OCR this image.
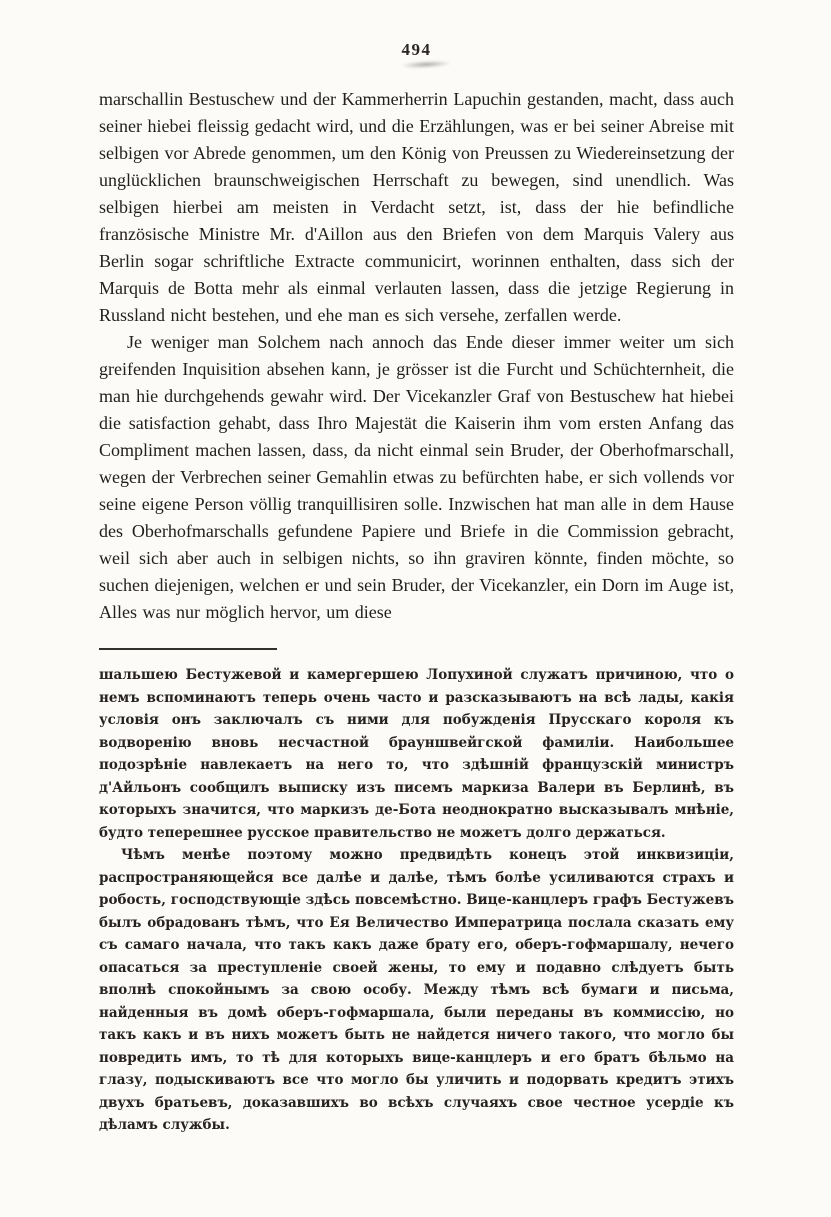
494

marschallin Bestuschew und der Kammerherrin Lapuchin gestanden, macht, dass auch seiner hiebei fleissig gedacht wird, und die Erzählungen, was er bei seiner Abreise mit selbigen vor Abrede genommen, um den König von Preussen zu Wiedereinsetzung der unglücklichen braunschweigischen Herrschaft zu bewegen, sind unendlich. Was selbigen hierbei am meisten in Verdacht setzt, ist, dass der hie befindliche französische Ministre Mr. d'Aillon aus den Briefen von dem Marquis Valery aus Berlin sogar schriftliche Extracte communicirt, worinnen enthalten, dass sich der Marquis de Botta mehr als einmal verlauten lassen, dass die jetzige Regierung in Russland nicht bestehen, und ehe man es sich versehe, zerfallen werde.

Je weniger man Solchem nach annoch das Ende dieser immer weiter um sich greifenden Inquisition absehen kann, je grösser ist die Furcht und Schüchternheit, die man hie durchgehends gewahr wird. Der Vicekanzler Graf von Bestuschew hat hiebei die satisfaction gehabt, dass Ihro Majestät die Kaiserin ihm vom ersten Anfang das Compliment machen lassen, dass, da nicht einmal sein Bruder, der Oberhofmarschall, wegen der Verbrechen seiner Gemahlin etwas zu befürchten habe, er sich vollends vor seine eigene Person völlig tranquillisiren solle. Inzwischen hat man alle in dem Hause des Oberhofmarschalls gefundene Papiere und Briefe in die Commission gebracht, weil sich aber auch in selbigen nichts, so ihn graviren könnte, finden möchte, so suchen diejenigen, welchen er und sein Bruder, der Vicekanzler, ein Dorn im Auge ist, Alles was nur möglich hervor, um diese

шальшею Бестужевой и камергершею Лопухиной служатъ причиною, что о немъ вспоминаютъ теперь очень часто и разсказываютъ на всѣ лады, какія условія онъ заключалъ съ ними для побужденія Прусскаго короля къ водворенію вновь несчастной брауншвейгской фамиліи. Наибольшее подозрѣніе навлекаетъ на него то, что здѣшній французскій министръ д'Айльонъ сообщилъ выписку изъ писемъ маркиза Валери въ Берлинѣ, въ которыхъ значится, что маркизъ де-Бота неоднократно высказывалъ мнѣніе, будто теперешнее русское правительство не можетъ долго держаться.

Чѣмъ менѣе поэтому можно предвидѣть конецъ этой инквизиціи, распространяющейся все далѣе и далѣе, тѣмъ болѣе усиливаются страхъ и робость, господствующіе здѣсь повсемѣстно. Вице-канцлеръ графъ Бестужевъ былъ обрадованъ тѣмъ, что Ея Величество Императрица послала сказать ему съ самаго начала, что такъ какъ даже брату его, оберъ-гофмаршалу, нечего опасаться за преступленіе своей жены, то ему и подавно слѣдуетъ быть вполнѣ спокойнымъ за свою особу. Между тѣмъ всѣ бумаги и письма, найденныя въ домѣ оберъ-гофмаршала, были переданы въ коммиссію, но такъ какъ и въ нихъ можетъ быть не найдется ничего такого, что могло бы повредить имъ, то тѣ для которыхъ вице-канцлеръ и его братъ бѣльмо на глазу, подыскиваютъ все что могло бы уличить и подорвать кредитъ этихъ двухъ братьевъ, доказавшихъ во всѣхъ случаяхъ свое честное усердіе къ дѣламъ службы.
